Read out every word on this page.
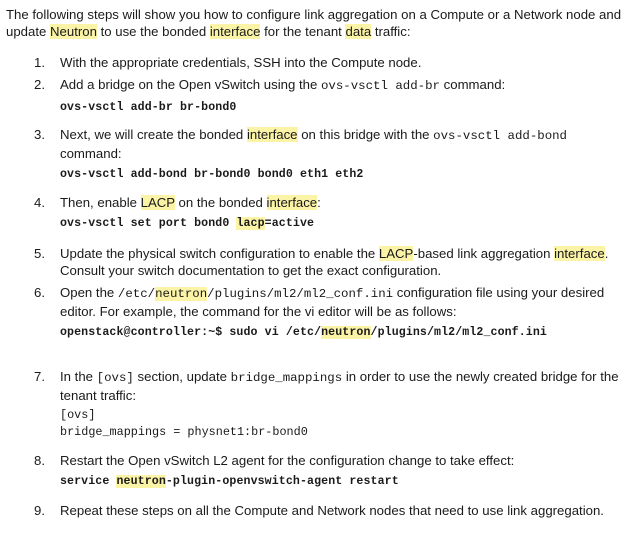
The following steps will show you how to configure link aggregation on a Compute or a Network node and update Neutron to use the bonded interface for the tenant data traffic:

1.	With the appropriate credentials, SSH into the Compute node.
2.	Add a bridge on the Open vSwitch using the ovs-vsctl add-br command:
ovs-vsctl add-br br-bond0
3.	Next, we will create the bonded interface on this bridge with the ovs-vsctl add-bond command:
ovs-vsctl add-bond br-bond0 bond0 eth1 eth2
4.	Then, enable LACP on the bonded interface:
ovs-vsctl set port bond0 lacp=active
5.	Update the physical switch configuration to enable the LACP-based link aggregation interface. Consult your switch documentation to get the exact configuration.
6.	Open the /etc/neutron/plugins/ml2/ml2_conf.ini configuration file using your desired editor. For example, the command for the vi editor will be as follows:
openstack@controller:~$ sudo vi /etc/neutron/plugins/ml2/ml2_conf.ini
7.	In the [ovs] section, update bridge_mappings in order to use the newly created bridge for the tenant traffic:
[ovs]
bridge_mappings = physnet1:br-bond0
8.	Restart the Open vSwitch L2 agent for the configuration change to take effect:
service neutron-plugin-openvswitch-agent restart
9.	Repeat these steps on all the Compute and Network nodes that need to use link aggregation.
